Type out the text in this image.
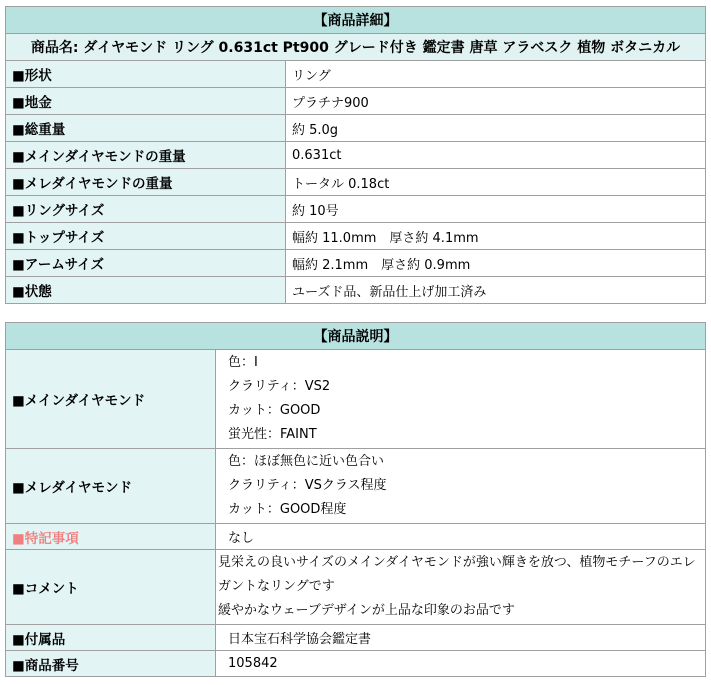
【商品詳細】	
商品名: ダイヤモンド リング 0.631ct Pt900 グレード付き 鑑定書 唐草 アラベスク 植物 ボタニカル	
■形状	リング
■地金	プラチナ900
■総重量	約 5.0g
■メインダイヤモンドの重量	0.631ct
■メレダイヤモンドの重量	トータル 0.18ct
■リングサイズ	約 10号
■トップサイズ	幅約 11.0mm　厚さ約 4.1mm
■アームサイズ	幅約 2.1mm　厚さ約 0.9mm
■状態	ユーズド品、新品仕上げ加工済み
【商品説明】	
■メインダイヤモンド	色：I
クラリティ：VS2
カット：GOOD
蛍光性：FAINT

■メレダイヤモンド	色：ほぼ無色に近い色合い
クラリティ：VSクラス程度
カット：GOOD程度

■特記事項	なし
■コメント	見栄えの良いサイズのメインダイヤモンドが強い輝きを放つ、植物モチーフのエレガントなリングです
緩やかなウェーブデザインが上品な印象のお品です

■付属品	日本宝石科学協会鑑定書
■商品番号	105842
